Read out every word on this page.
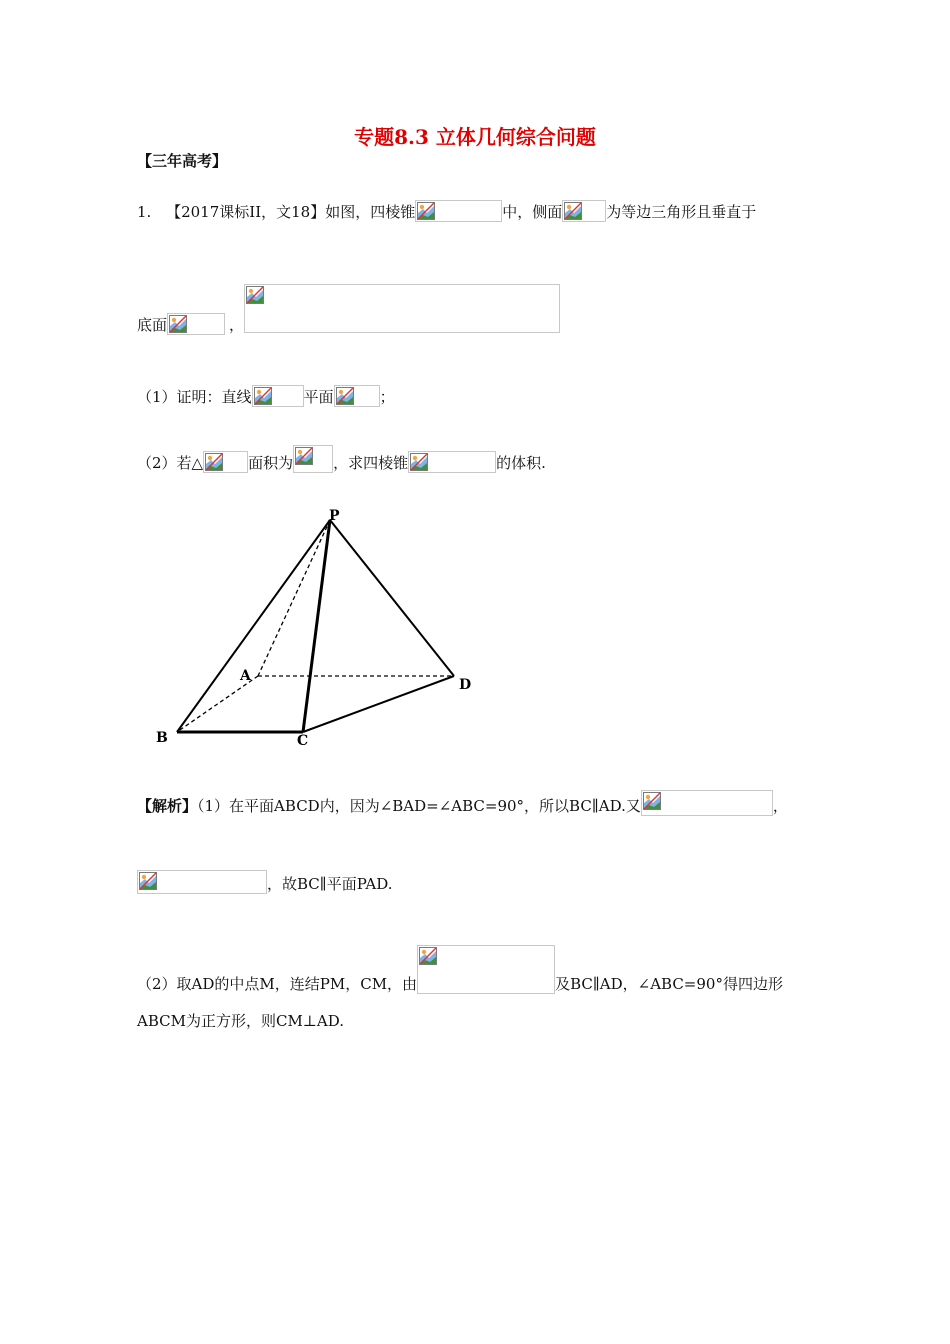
专题8.3 立体几何综合问题
【三年高考】
1. 【2017课标II，文18】如图，四棱锥	中，侧面	为等边三角形且垂直于
底面	，
（1）证明：直线	平面	；
（2）若△	面积为	，求四棱锥	的体积.
P
A
B	C
D
【解析】（1）在平面ABCD内，因为∠BAD=∠ABC=90°，所以BC∥AD.又	，
，故BC∥平面PAD.
（2）取AD的中点M，连结PM，CM，由	及BC∥AD，∠ABC=90°得四边形
ABCM为正方形，则CM⊥AD.
